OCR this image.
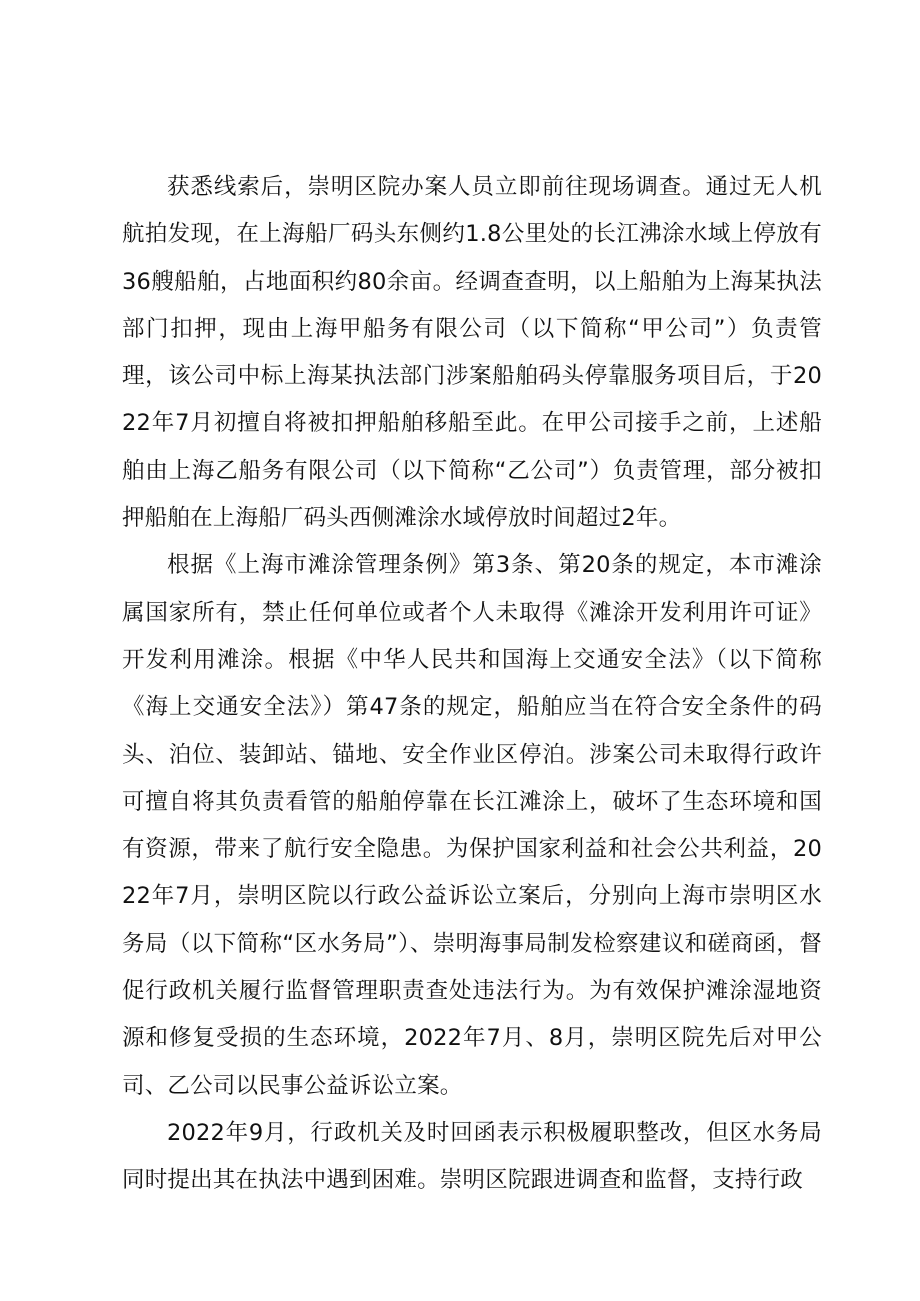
获悉线索后，崇明区院办案人员立即前往现场调查。通过无人机航拍发现，在上海船厂码头东侧约1.8公里处的长江沸涂水域上停放有36艘船舶，占地面积约80余亩。经调查查明，以上船舶为上海某执法部门扣押，现由上海甲船务有限公司（以下简称“甲公司”）负责管理，该公司中标上海某执法部门涉案船舶码头停靠服务项目后，于2022年7月初擅自将被扣押船舶移船至此。在甲公司接手之前，上述船舶由上海乙船务有限公司（以下简称“乙公司”）负责管理，部分被扣押船舶在上海船厂码头西侧滩涂水域停放时间超过2年。

根据《上海市滩涂管理条例》第3条、第20条的规定，本市滩涂属国家所有，禁止任何单位或者个人未取得《滩涂开发利用许可证》开发利用滩涂。根据《中华人民共和国海上交通安全法》（以下简称《海上交通安全法》）第47条的规定，船舶应当在符合安全条件的码头、泊位、装卸站、锚地、安全作业区停泊。涉案公司未取得行政许可擅自将其负责看管的船舶停靠在长江滩涂上，破坏了生态环境和国有资源，带来了航行安全隐患。为保护国家利益和社会公共利益，2022年7月，崇明区院以行政公益诉讼立案后，分别向上海市崇明区水务局（以下简称“区水务局”）、崇明海事局制发检察建议和磋商函，督促行政机关履行监督管理职责查处违法行为。为有效保护滩涂湿地资源和修复受损的生态环境，2022年7月、8月，崇明区院先后对甲公司、乙公司以民事公益诉讼立案。

2022年9月，行政机关及时回函表示积极履职整改，但区水务局同时提出其在执法中遇到困难。崇明区院跟进调查和监督，支持行政
